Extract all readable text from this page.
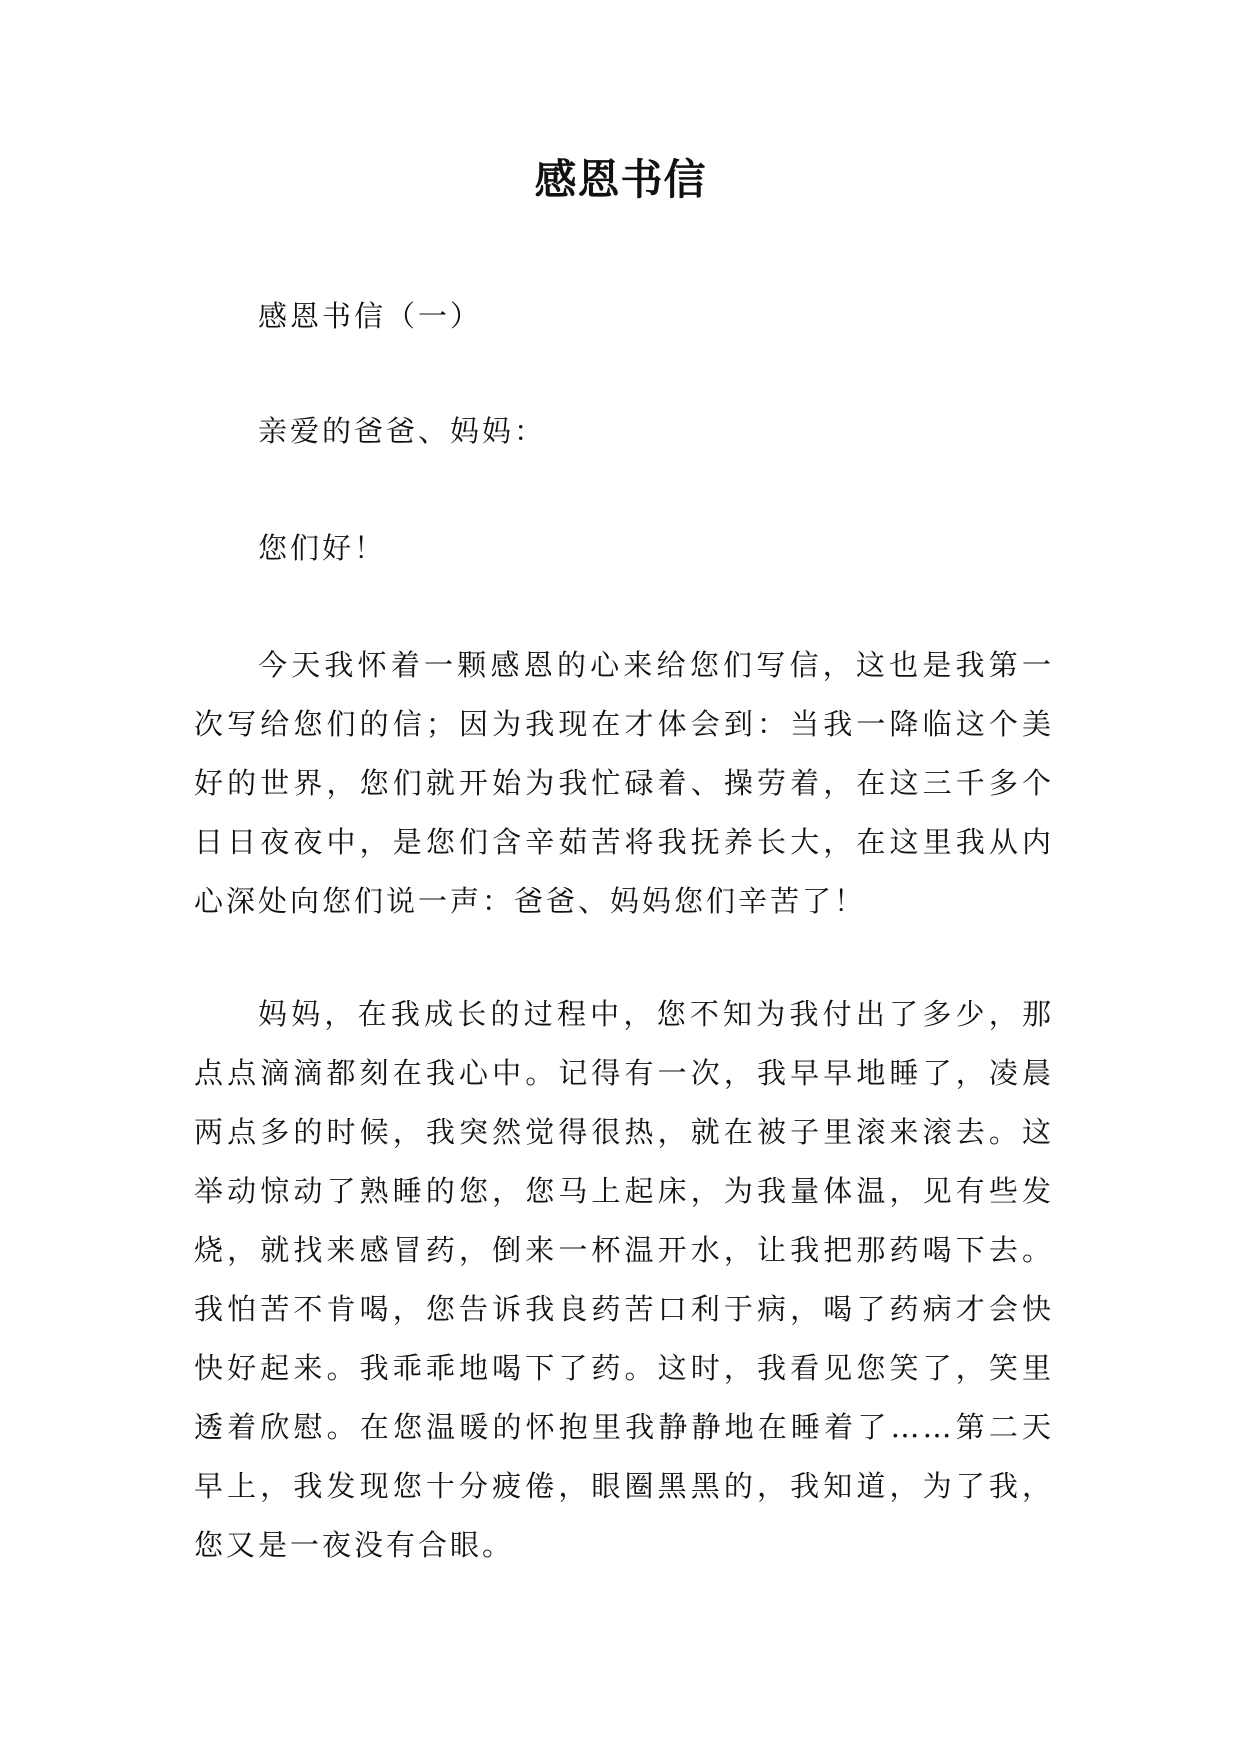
感恩书信

感恩书信（一）

亲爱的爸爸、妈妈：

您们好！

今天我怀着一颗感恩的心来给您们写信，这也是我第一次写给您们的信；因为我现在才体会到：当我一降临这个美好的世界，您们就开始为我忙碌着、操劳着，在这三千多个日日夜夜中，是您们含辛茹苦将我抚养长大，在这里我从内心深处向您们说一声：爸爸、妈妈您们辛苦了！

妈妈，在我成长的过程中，您不知为我付出了多少，那点点滴滴都刻在我心中。记得有一次，我早早地睡了，凌晨两点多的时候，我突然觉得很热，就在被子里滚来滚去。这举动惊动了熟睡的您，您马上起床，为我量体温，见有些发烧，就找来感冒药，倒来一杯温开水，让我把那药喝下去。我怕苦不肯喝，您告诉我良药苦口利于病，喝了药病才会快快好起来。我乖乖地喝下了药。这时，我看见您笑了，笑里透着欣慰。在您温暖的怀抱里我静静地在睡着了……第二天早上，我发现您十分疲倦，眼圈黑黑的，我知道，为了我，您又是一夜没有合眼。
